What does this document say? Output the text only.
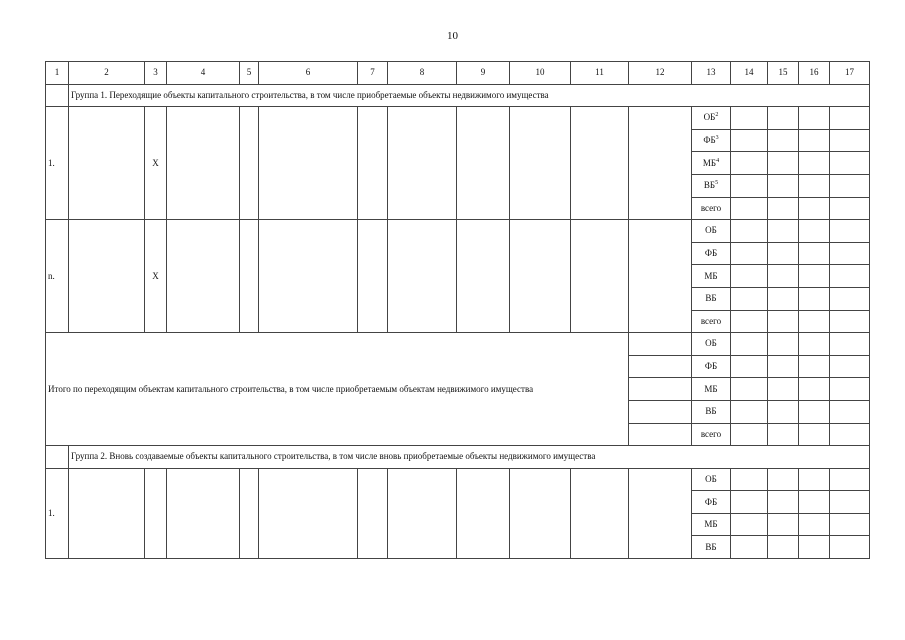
10
1	2	3	4	5	6	7	8	9	10	11	12	13	14	15	16	17
	Группа 1. Переходящие объекты капитального строительства, в том числе приобретаемые объекты недвижимого имущества															
1.		Х										$ОБ^2$				
												$ФБ^3$				
												$МБ^4$				
												$ВБ^5$				
												всего				
n.		Х										ОБ				
												ФБ				
												МБ				
												ВБ				
												всего				
Итого по переходящим объектам капитального строительства, в том числе приобретаемым объектам недвижимого имущества												ОБ				
												ФБ				
												МБ				
												ВБ				
												всего				
	Группа 2. Вновь создаваемые объекты капитального строительства, в том числе вновь приобретаемые объекты недвижимого имущества															
1.												ОБ				
												ФБ				
												МБ				
												ВБ				
